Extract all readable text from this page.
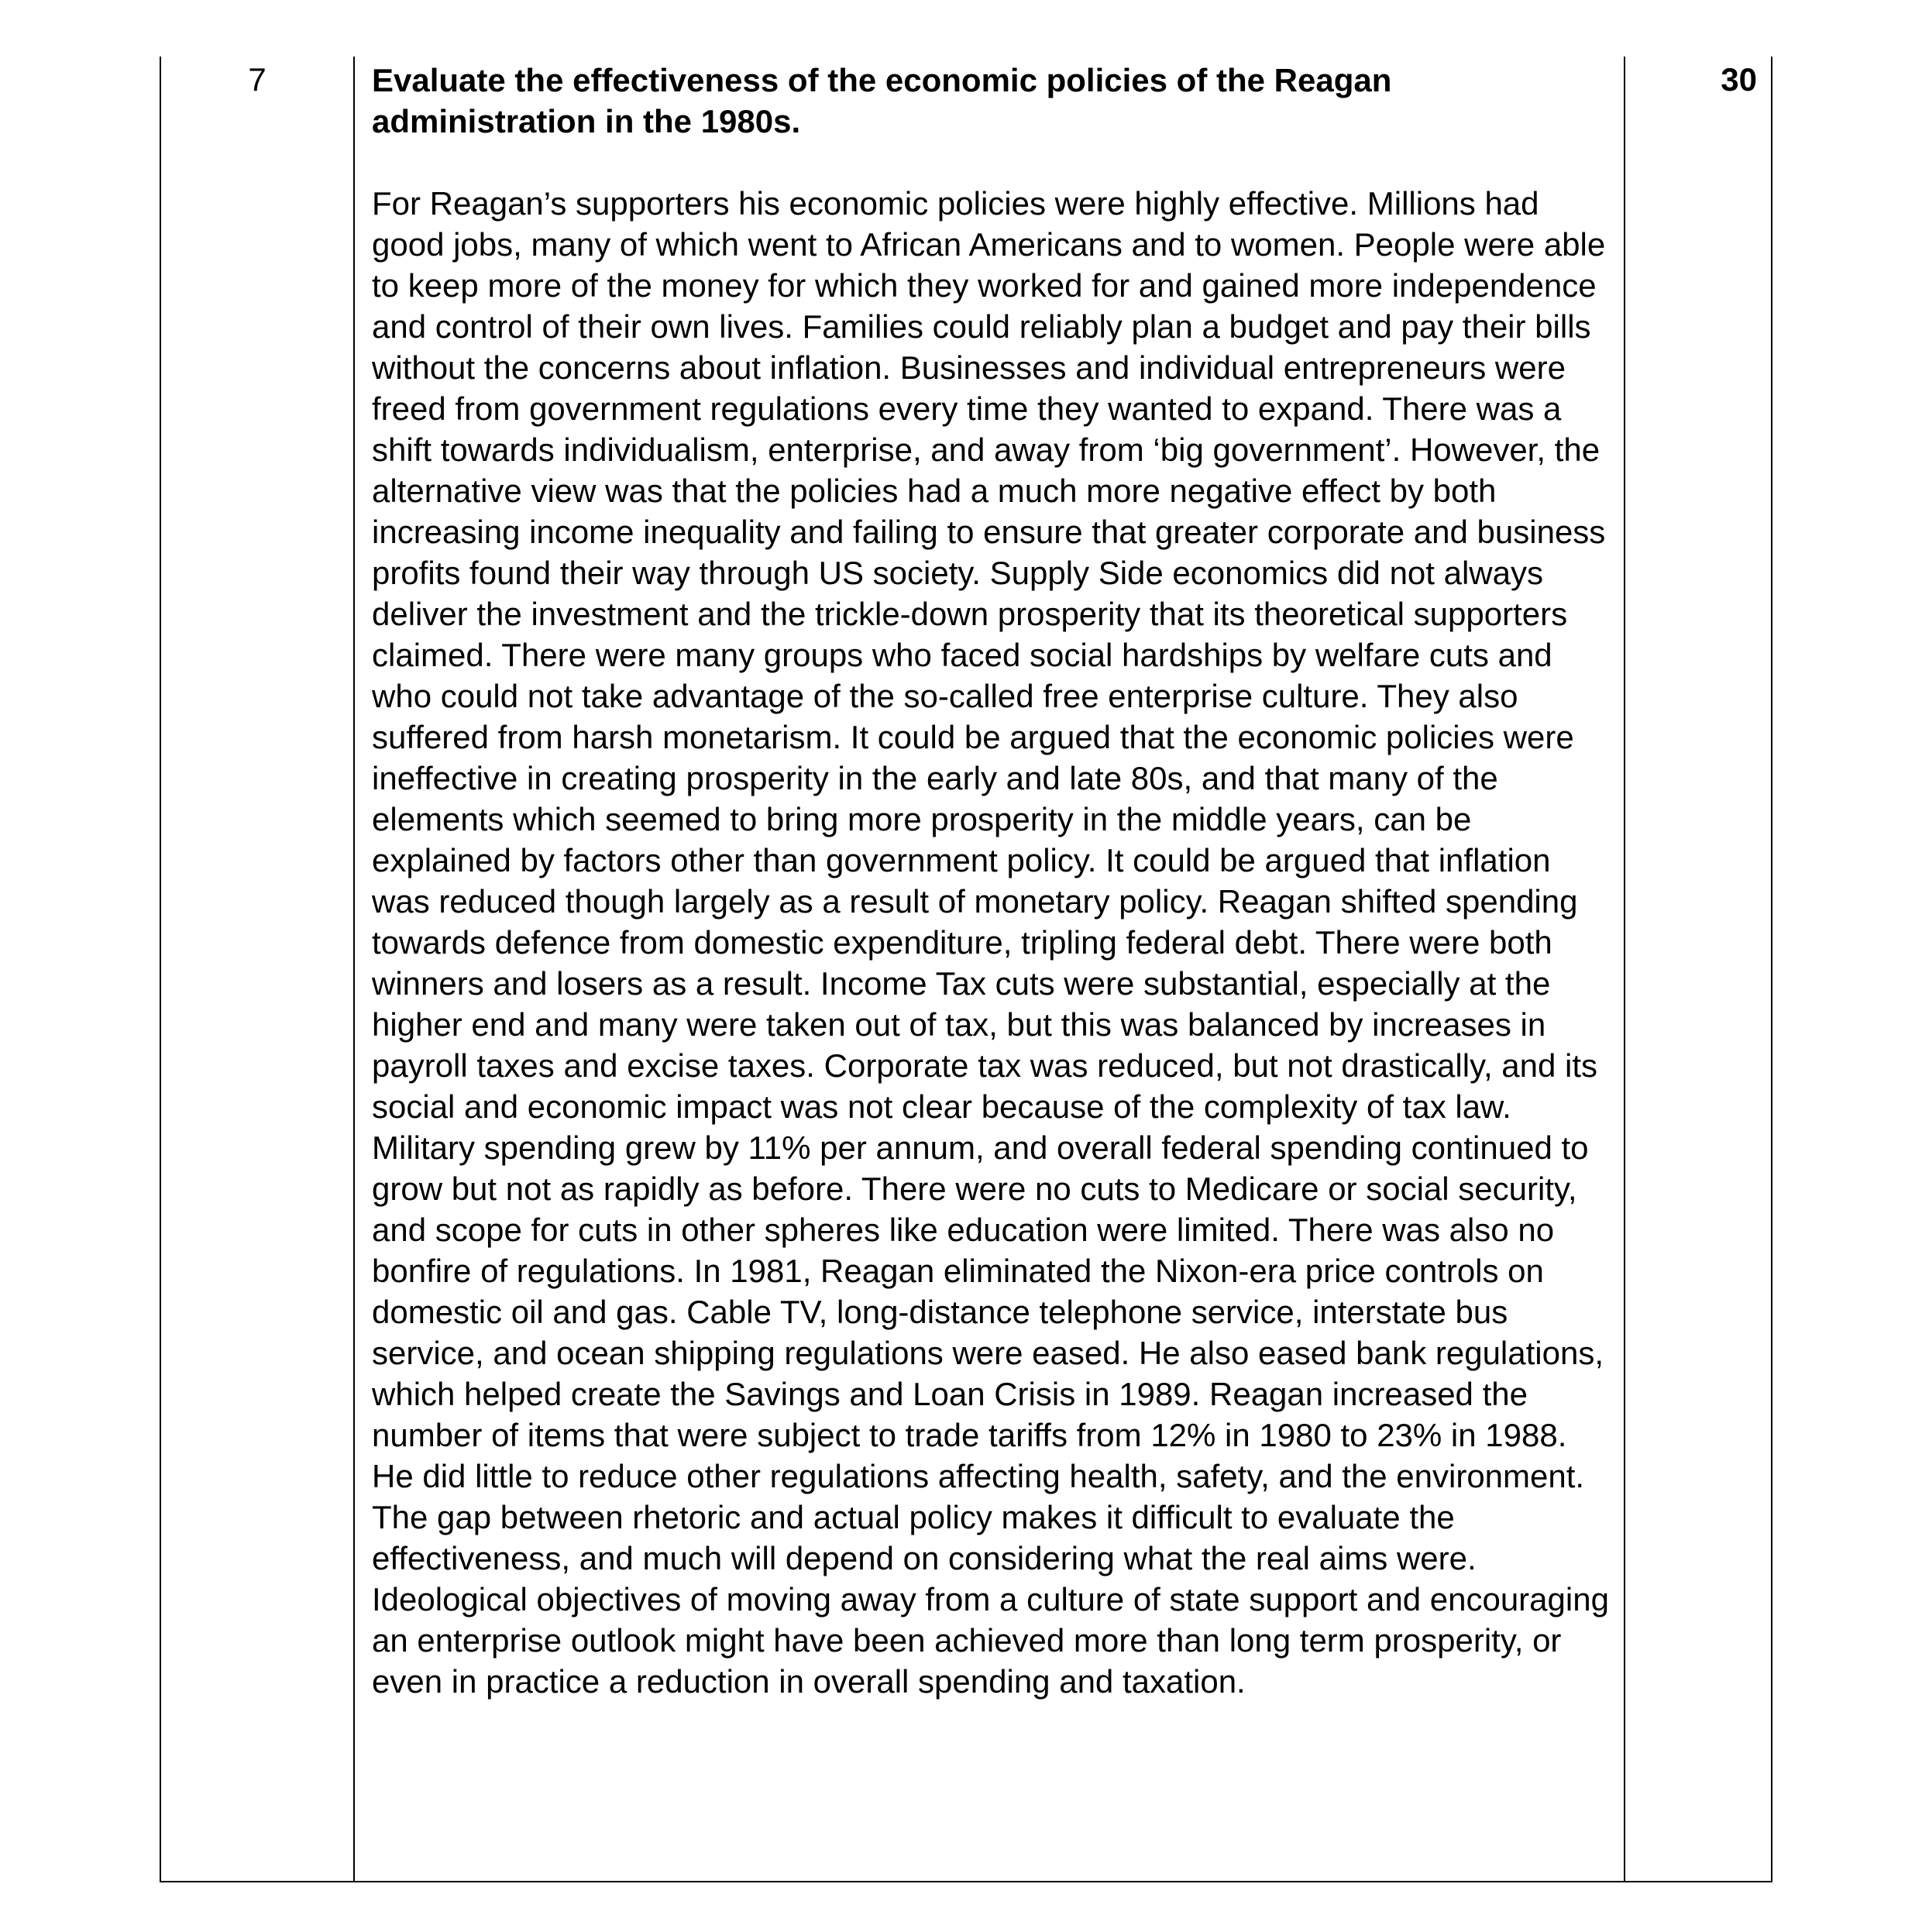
7	Evaluate the effectiveness of the economic policies of the Reagan administration in the 1980s.

For Reagan’s supporters his economic policies were highly effective. Millions had good jobs, many of which went to African Americans and to women. People were able to keep more of the money for which they worked for and gained more independence and control of their own lives. Families could reliably plan a budget and pay their bills without the concerns about inflation. Businesses and individual entrepreneurs were freed from government regulations every time they wanted to expand. There was a shift towards individualism, enterprise, and away from ‘big government’. However, the alternative view was that the policies had a much more negative effect by both increasing income inequality and failing to ensure that greater corporate and business profits found their way through US society. Supply Side economics did not always deliver the investment and the trickle-down prosperity that its theoretical supporters claimed. There were many groups who faced social hardships by welfare cuts and who could not take advantage of the so-called free enterprise culture. They also suffered from harsh monetarism. It could be argued that the economic policies were ineffective in creating prosperity in the early and late 80s, and that many of the elements which seemed to bring more prosperity in the middle years, can be explained by factors other than government policy. It could be argued that inflation was reduced though largely as a result of monetary policy. Reagan shifted spending towards defence from domestic expenditure, tripling federal debt. There were both winners and losers as a result. Income Tax cuts were substantial, especially at the higher end and many were taken out of tax, but this was balanced by increases in payroll taxes and excise taxes. Corporate tax was reduced, but not drastically, and its social and economic impact was not clear because of the complexity of tax law. Military spending grew by 11% per annum, and overall federal spending continued to grow but not as rapidly as before. There were no cuts to Medicare or social security, and scope for cuts in other spheres like education were limited. There was also no bonfire of regulations. In 1981, Reagan eliminated the Nixon-era price controls on domestic oil and gas. Cable TV, long-distance telephone service, interstate bus service, and ocean shipping regulations were eased. He also eased bank regulations, which helped create the Savings and Loan Crisis in 1989. Reagan increased the number of items that were subject to trade tariffs from 12% in 1980 to 23% in 1988. He did little to reduce other regulations affecting health, safety, and the environment. The gap between rhetoric and actual policy makes it difficult to evaluate the effectiveness, and much will depend on considering what the real aims were. Ideological objectives of moving away from a culture of state support and encouraging an enterprise outlook might have been achieved more than long term prosperity, or even in practice a reduction in overall spending and taxation.

30
